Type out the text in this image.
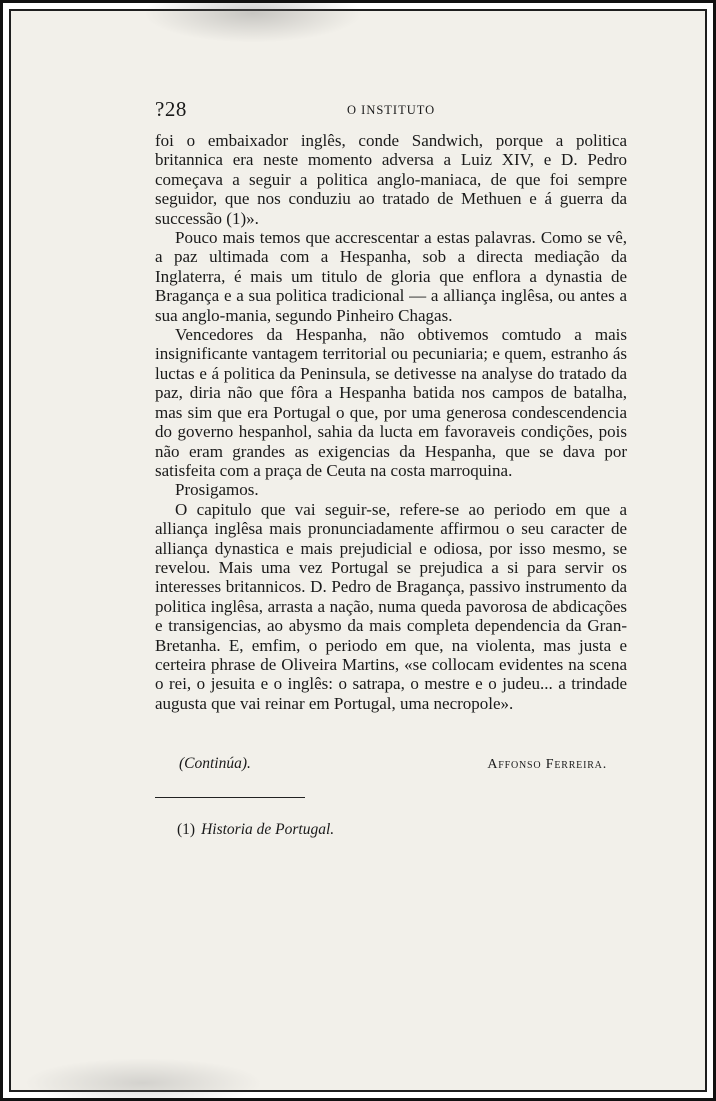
?28	O INSTITUTO

foi o embaixador inglês, conde Sandwich, porque a politica britannica era neste momento adversa a Luiz XIV, e D. Pedro começava a seguir a politica anglo-maniaca, de que foi sempre seguidor, que nos conduziu ao tratado de Methuen e á guerra da successão (1)».

Pouco mais temos que accrescentar a estas palavras. Como se vê, a paz ultimada com a Hespanha, sob a directa mediação da Inglaterra, é mais um titulo de gloria que enflora a dynastia de Bragança e a sua politica tradicional — a alliança inglêsa, ou antes a sua anglo-mania, segundo Pinheiro Chagas.

Vencedores da Hespanha, não obtivemos comtudo a mais insignificante vantagem territorial ou pecuniaria; e quem, estranho ás luctas e á politica da Peninsula, se detivesse na analyse do tratado da paz, diria não que fôra a Hespanha batida nos campos de batalha, mas sim que era Portugal o que, por uma generosa condescendencia do governo hespanhol, sahia da lucta em favoraveis condições, pois não eram grandes as exigencias da Hespanha, que se dava por satisfeita com a praça de Ceuta na costa marroquina.

Prosigamos.

O capitulo que vai seguir-se, refere-se ao periodo em que a alliança inglêsa mais pronunciadamente affirmou o seu caracter de alliança dynastica e mais prejudicial e odiosa, por isso mesmo, se revelou. Mais uma vez Portugal se prejudica a si para servir os interesses britannicos. D. Pedro de Bragança, passivo instrumento da politica inglêsa, arrasta a nação, numa queda pavorosa de abdicações e transigencias, ao abysmo da mais completa dependencia da Gran-Bretanha. E, emfim, o periodo em que, na violenta, mas justa e certeira phrase de Oliveira Martins, «se collocam evidentes na scena o rei, o jesuita e o inglês: o satrapa, o mestre e o judeu... a trindade augusta que vai reinar em Portugal, uma necropole».

(Continúa).	Affonso Ferreira.
(1) Historia de Portugal.
